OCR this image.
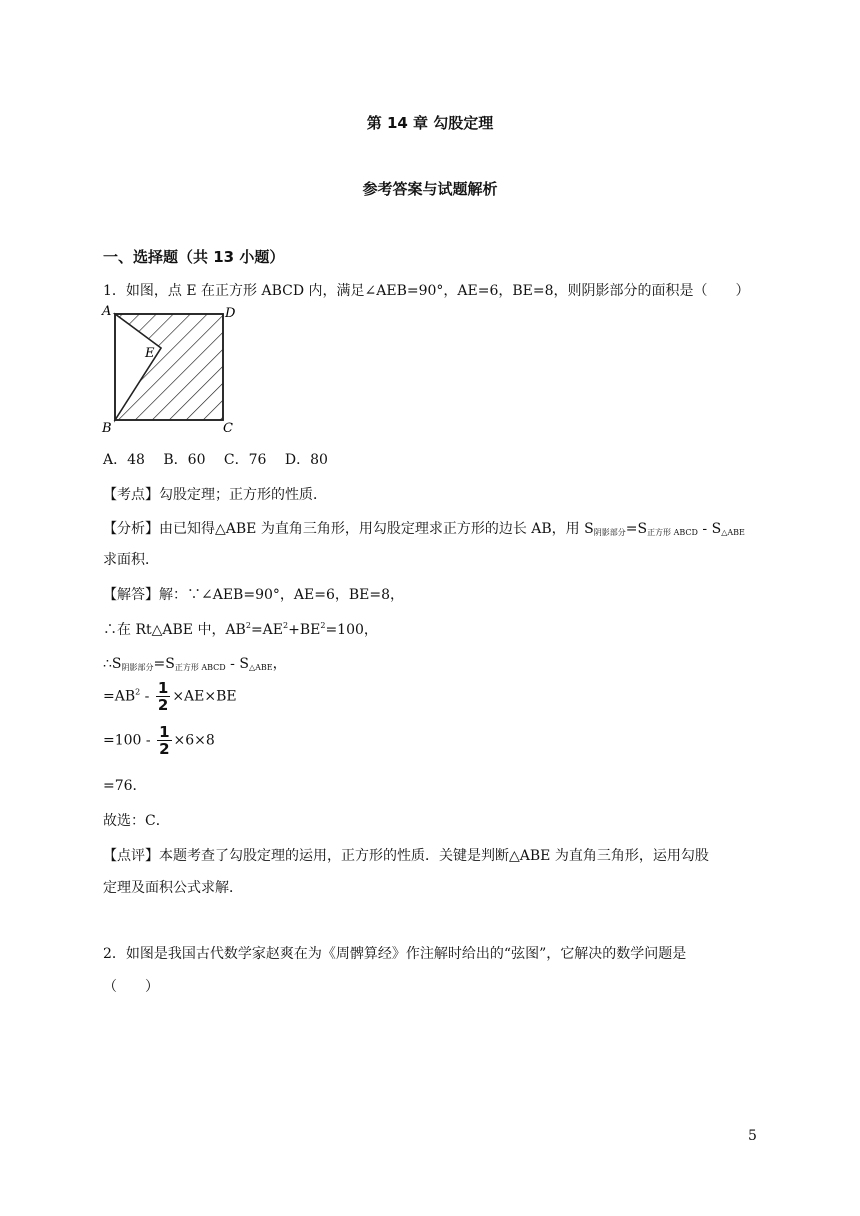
第 14 章 勾股定理
参考答案与试题解析
一、选择题（共 13 小题）
1．如图，点 E 在正方形 ABCD 内，满足∠AEB=90°，AE=6，BE=8，则阴影部分的面积是（　　）
A	D
E
B	C
A．48　 B．60　 C．76　 D．80
【考点】勾股定理；正方形的性质．
【分析】由已知得△ABE 为直角三角形，用勾股定理求正方形的边长 AB，用 $S_{阴影部分}=S_{正方形 ABCD} - S_{\triangle ABE}$
求面积．
【解答】解：∵∠AEB=90°，AE=6，BE=8，
∴在 Rt△ABE 中，$AB^2=AE^2+BE^2=100$，
$\therefore S_{阴影部分}=S_{正方形 ABCD} - S_{\triangle ABE}$，
$=AB^2 - \frac{1}{2} \times AE\times BE$
$=100 - \frac{1}{2} \times 6\times 8$
=76．
故选：C．
【点评】本题考查了勾股定理的运用，正方形的性质．关键是判断△ABE 为直角三角形，运用勾股
定理及面积公式求解．
2．如图是我国古代数学家赵爽在为《周髀算经》作注解时给出的“弦图”，它解决的数学问题是
（　　）
5
